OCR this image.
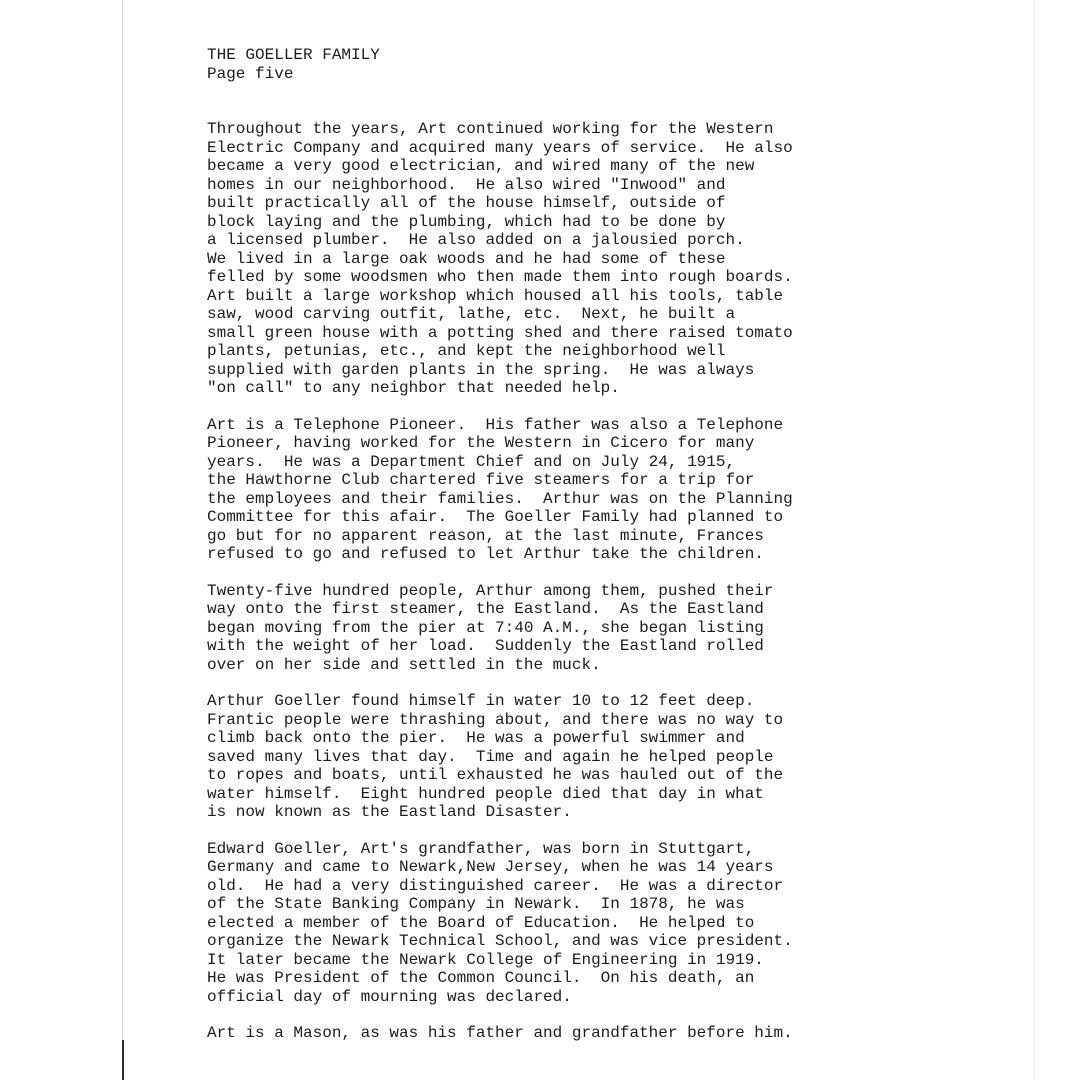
THE GOELLER FAMILY
Page five
Throughout the years, Art continued working for the Western
Electric Company and acquired many years of service.  He also
became a very good electrician, and wired many of the new
homes in our neighborhood.  He also wired "Inwood" and
built practically all of the house himself, outside of
block laying and the plumbing, which had to be done by
a licensed plumber.  He also added on a jalousied porch.
We lived in a large oak woods and he had some of these
felled by some woodsmen who then made them into rough boards.
Art built a large workshop which housed all his tools, table
saw, wood carving outfit, lathe, etc.  Next, he built a
small green house with a potting shed and there raised tomato
plants, petunias, etc., and kept the neighborhood well
supplied with garden plants in the spring.  He was always
"on call" to any neighbor that needed help.
Art is a Telephone Pioneer.  His father was also a Telephone
Pioneer, having worked for the Western in Cicero for many
years.  He was a Department Chief and on July 24, 1915,
the Hawthorne Club chartered five steamers for a trip for
the employees and their families.  Arthur was on the Planning
Committee for this afair.  The Goeller Family had planned to
go but for no apparent reason, at the last minute, Frances
refused to go and refused to let Arthur take the children.
Twenty-five hundred people, Arthur among them, pushed their
way onto the first steamer, the Eastland.  As the Eastland
began moving from the pier at 7:40 A.M., she began listing
with the weight of her load.  Suddenly the Eastland rolled
over on her side and settled in the muck.
Arthur Goeller found himself in water 10 to 12 feet deep.
Frantic people were thrashing about, and there was no way to
climb back onto the pier.  He was a powerful swimmer and
saved many lives that day.  Time and again he helped people
to ropes and boats, until exhausted he was hauled out of the
water himself.  Eight hundred people died that day in what
is now known as the Eastland Disaster.
Edward Goeller, Art's grandfather, was born in Stuttgart,
Germany and came to Newark,New Jersey, when he was 14 years
old.  He had a very distinguished career.  He was a director
of the State Banking Company in Newark.  In 1878, he was
elected a member of the Board of Education.  He helped to
organize the Newark Technical School, and was vice president.
It later became the Newark College of Engineering in 1919.
He was President of the Common Council.  On his death, an
official day of mourning was declared.
Art is a Mason, as was his father and grandfather before him.
